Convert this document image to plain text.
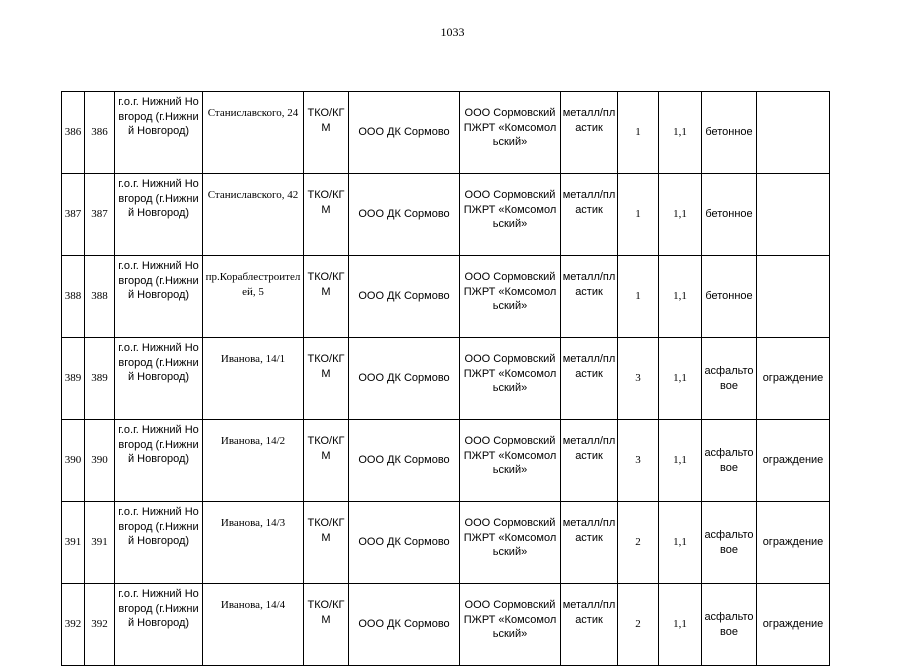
1033
386	386	г.о.г. Нижний Новгород (г.Нижний Новгород)	Станиславского, 24	ТКО/КГМ	ООО ДК Сормово	ООО Сормовский ПЖРТ «Комсомольский»	металл/пластик	1	1,1	бетонное	
387	387	г.о.г. Нижний Новгород (г.Нижний Новгород)	Станиславского, 42	ТКО/КГМ	ООО ДК Сормово	ООО Сормовский ПЖРТ «Комсомольский»	металл/пластик	1	1,1	бетонное	
388	388	г.о.г. Нижний Новгород (г.Нижний Новгород)	пр.Кораблестроителей, 5	ТКО/КГМ	ООО ДК Сормово	ООО Сормовский ПЖРТ «Комсомольский»	металл/пластик	1	1,1	бетонное	
389	389	г.о.г. Нижний Новгород (г.Нижний Новгород)	Иванова, 14/1	ТКО/КГМ	ООО ДК Сормово	ООО Сормовский ПЖРТ «Комсомольский»	металл/пластик	3	1,1	асфальтовое	ограждение
390	390	г.о.г. Нижний Новгород (г.Нижний Новгород)	Иванова, 14/2	ТКО/КГМ	ООО ДК Сормово	ООО Сормовский ПЖРТ «Комсомольский»	металл/пластик	3	1,1	асфальтовое	ограждение
391	391	г.о.г. Нижний Новгород (г.Нижний Новгород)	Иванова, 14/3	ТКО/КГМ	ООО ДК Сормово	ООО Сормовский ПЖРТ «Комсомольский»	металл/пластик	2	1,1	асфальтовое	ограждение
392	392	г.о.г. Нижний Новгород (г.Нижний Новгород)	Иванова, 14/4	ТКО/КГМ	ООО ДК Сормово	ООО Сормовский ПЖРТ «Комсомольский»	металл/пластик	2	1,1	асфальтовое	ограждение
